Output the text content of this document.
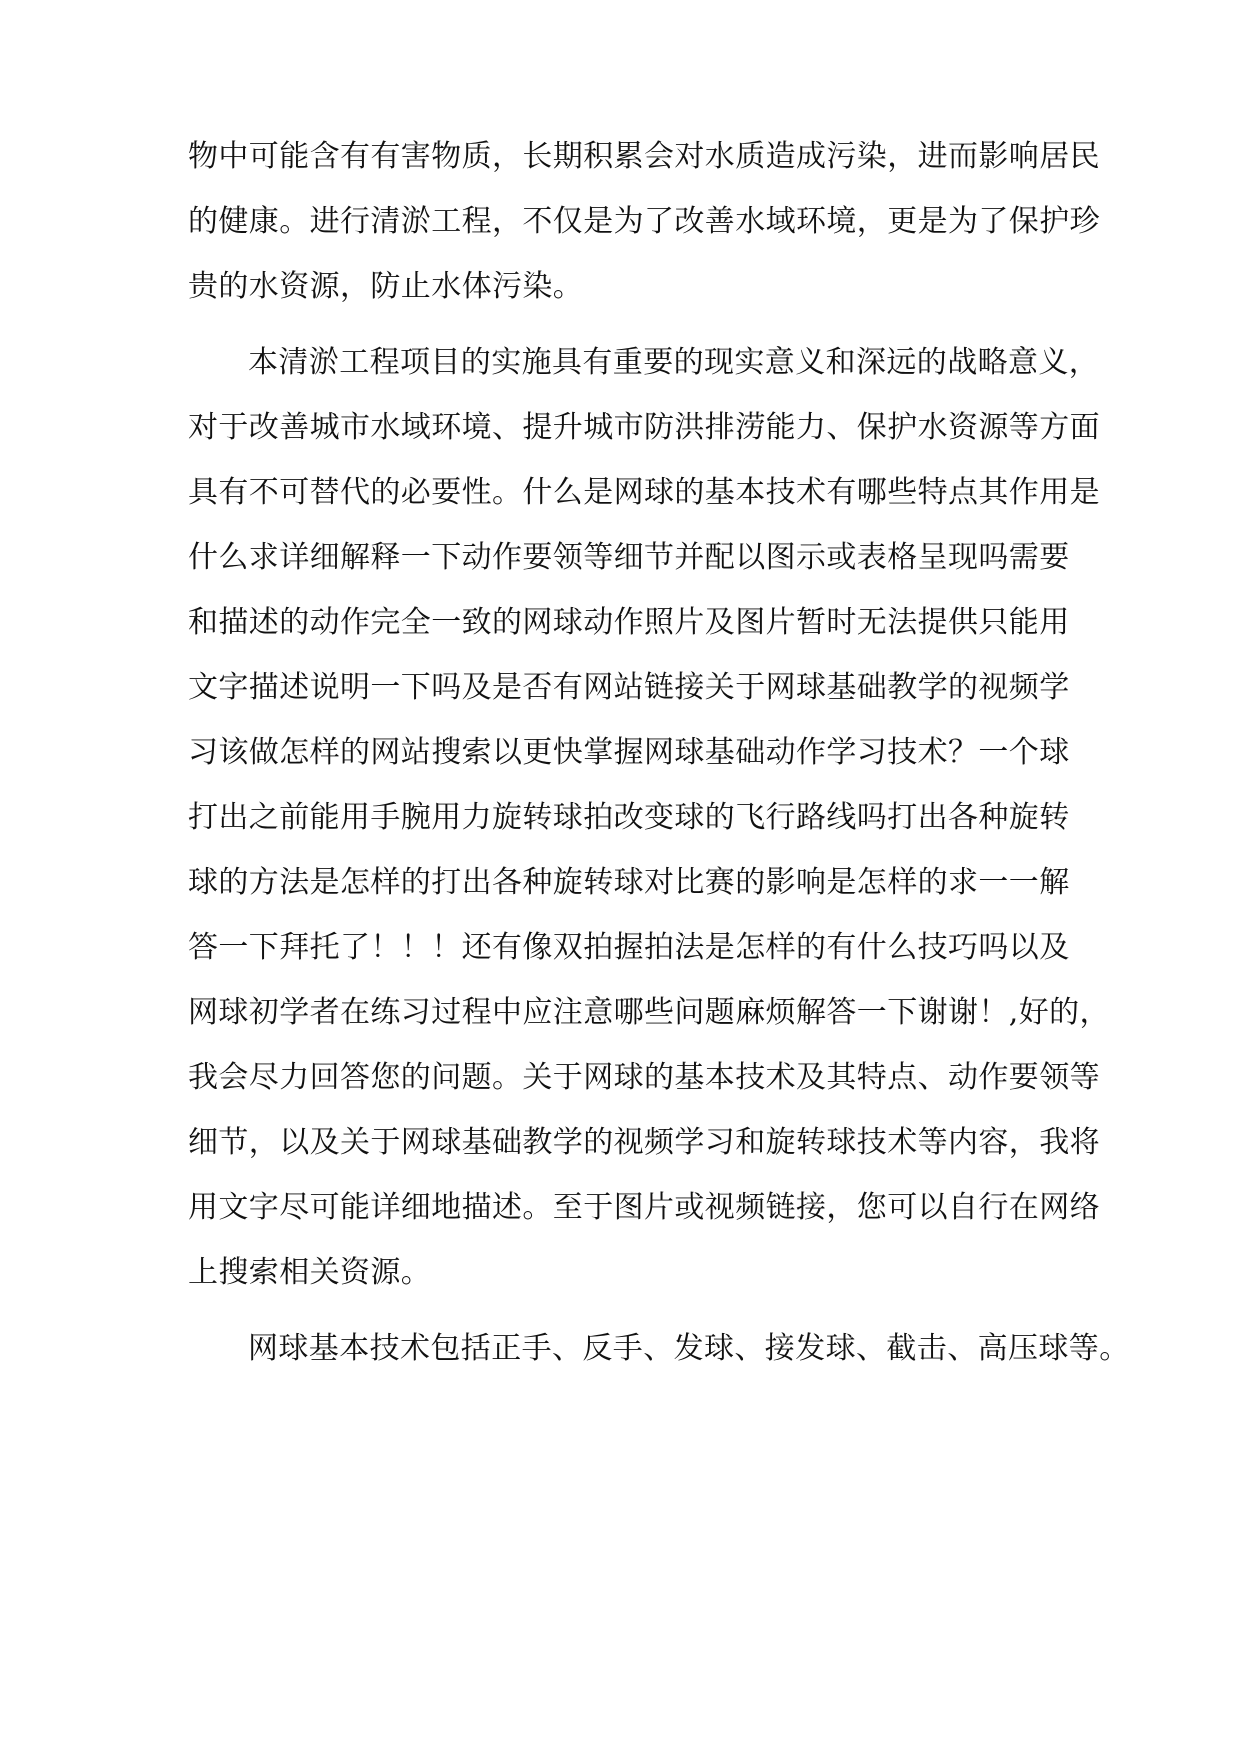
物中可能含有有害物质，长期积累会对水质造成污染，进而影响居民
的健康。进行清淤工程，不仅是为了改善水域环境，更是为了保护珍
贵的水资源，防止水体污染。
本清淤工程项目的实施具有重要的现实意义和深远的战略意义，
对于改善城市水域环境、提升城市防洪排涝能力、保护水资源等方面
具有不可替代的必要性。什么是网球的基本技术有哪些特点其作用是
什么求详细解释一下动作要领等细节并配以图示或表格呈现吗需要
和描述的动作完全一致的网球动作照片及图片暂时无法提供只能用
文字描述说明一下吗及是否有网站链接关于网球基础教学的视频学
习该做怎样的网站搜索以更快掌握网球基础动作学习技术？一个球
打出之前能用手腕用力旋转球拍改变球的飞行路线吗打出各种旋转
球的方法是怎样的打出各种旋转球对比赛的影响是怎样的求一一解
答一下拜托了！！！还有像双拍握拍法是怎样的有什么技巧吗以及
网球初学者在练习过程中应注意哪些问题麻烦解答一下谢谢！,好的，
我会尽力回答您的问题。关于网球的基本技术及其特点、动作要领等
细节，以及关于网球基础教学的视频学习和旋转球技术等内容，我将
用文字尽可能详细地描述。至于图片或视频链接，您可以自行在网络
上搜索相关资源。
网球基本技术包括正手、反手、发球、接发球、截击、高压球等。
